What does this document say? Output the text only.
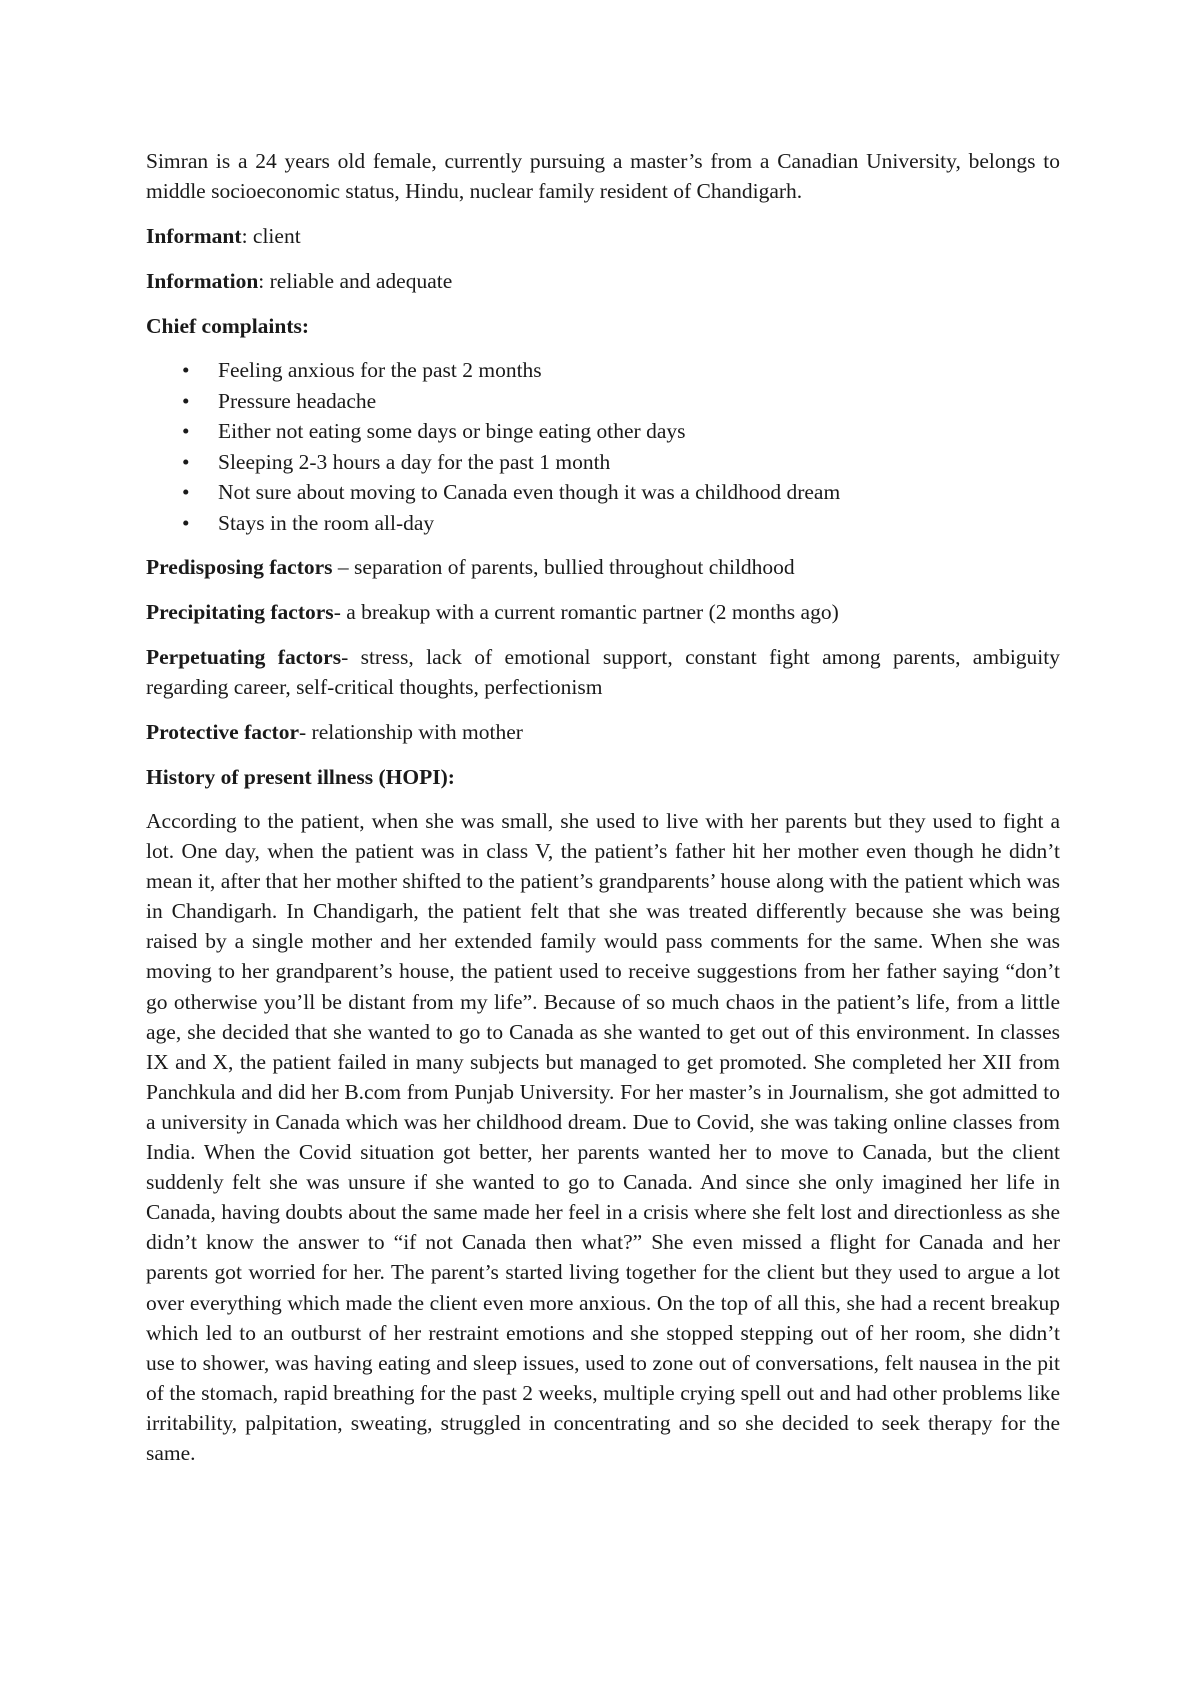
Simran is a 24 years old female, currently pursuing a master’s from a Canadian University, belongs to middle socioeconomic status, Hindu, nuclear family resident of Chandigarh.

Informant: client

Information: reliable and adequate

Chief complaints:

• Feeling anxious for the past 2 months
• Pressure headache
• Either not eating some days or binge eating other days
• Sleeping 2-3 hours a day for the past 1 month
• Not sure about moving to Canada even though it was a childhood dream
• Stays in the room all-day

Predisposing factors – separation of parents, bullied throughout childhood

Precipitating factors- a breakup with a current romantic partner (2 months ago)

Perpetuating factors- stress, lack of emotional support, constant fight among parents, ambiguity regarding career, self-critical thoughts, perfectionism

Protective factor- relationship with mother

History of present illness (HOPI):

According to the patient, when she was small, she used to live with her parents but they used to fight a lot. One day, when the patient was in class V, the patient’s father hit her mother even though he didn’t mean it, after that her mother shifted to the patient’s grandparents’ house along with the patient which was in Chandigarh. In Chandigarh, the patient felt that she was treated differently because she was being raised by a single mother and her extended family would pass comments for the same. When she was moving to her grandparent’s house, the patient used to receive suggestions from her father saying “don’t go otherwise you’ll be distant from my life”. Because of so much chaos in the patient’s life, from a little age, she decided that she wanted to go to Canada as she wanted to get out of this environment. In classes IX and X, the patient failed in many subjects but managed to get promoted. She completed her XII from Panchkula and did her B.com from Punjab University. For her master’s in Journalism, she got admitted to a university in Canada which was her childhood dream. Due to Covid, she was taking online classes from India. When the Covid situation got better, her parents wanted her to move to Canada, but the client suddenly felt she was unsure if she wanted to go to Canada. And since she only imagined her life in Canada, having doubts about the same made her feel in a crisis where she felt lost and directionless as she didn’t know the answer to “if not Canada then what?” She even missed a flight for Canada and her parents got worried for her. The parent’s started living together for the client but they used to argue a lot over everything which made the client even more anxious. On the top of all this, she had a recent breakup which led to an outburst of her restraint emotions and she stopped stepping out of her room, she didn’t use to shower, was having eating and sleep issues, used to zone out of conversations, felt nausea in the pit of the stomach, rapid breathing for the past 2 weeks, multiple crying spell out and had other problems like irritability, palpitation, sweating, struggled in concentrating and so she decided to seek therapy for the same.
